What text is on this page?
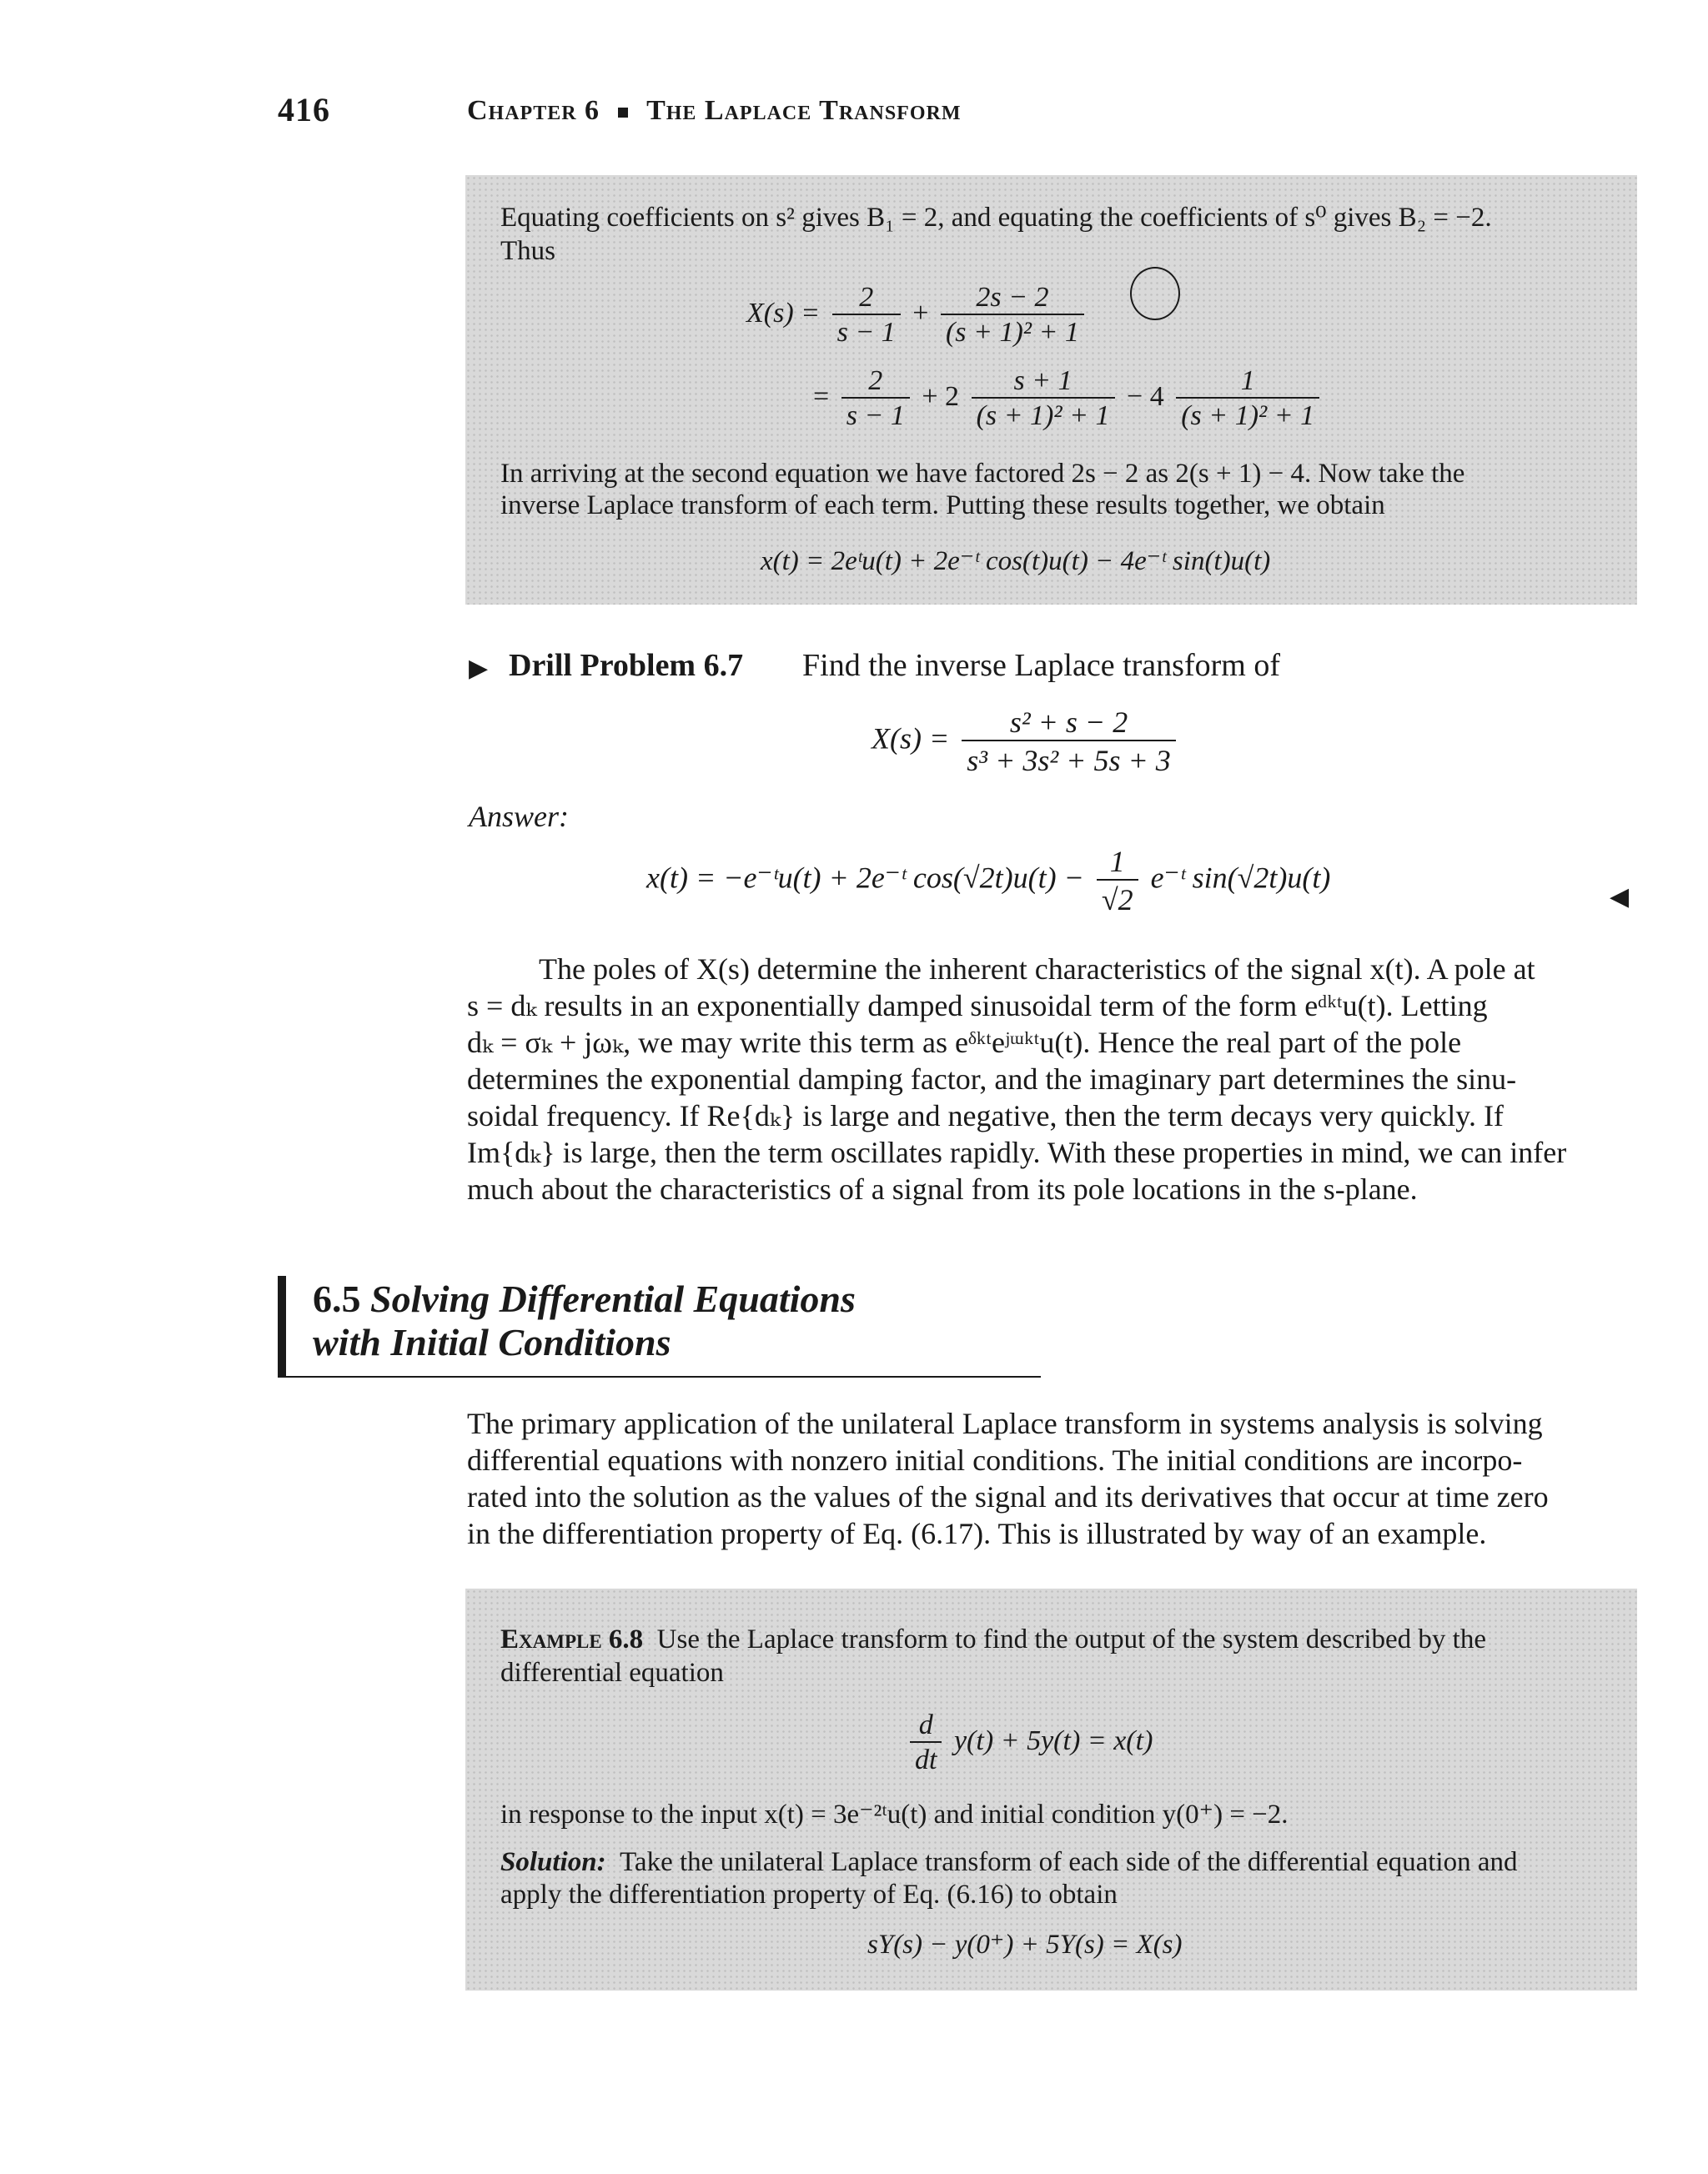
416	Chapter 6 The Laplace Transform
Equating coefficients on s² gives B₁ = 2, and equating the coefficients of s⁰ gives B₂ = −2.
Thus
$X(s) = \frac{2}{s - 1} + \frac{2s - 2}{\text{(s + 1)² + 1}}$
= $\frac{2}{s - 1} + 2 \frac{s + 1}{\text{(s + 1)² + 1}} - 4 \frac{1}{\text{(s + 1)² + 1}}$
In arriving at the second equation we have factored 2s − 2 as 2(s + 1) − 4. Now take the
inverse Laplace transform of each term. Putting these results together, we obtain
x(t) = 2eᵗu(t) + 2e⁻ᵗ cos(t)u(t) − 4e⁻ᵗ sin(t)u(t)
▶ Drill Problem 6.7 Find the inverse Laplace transform of
$X(s) = \frac{\text{s² + s − 2}}{\text{s³ + 3s² + 5s + 3}}$
Answer:
x(t) = −e⁻ᵗu(t) + 2e⁻ᵗ $\cos(√2t)u(t) - \frac{1}{√2}$ e⁻ᵗ sin(√2t)u(t)
◀
The poles of X(s) determine the inherent characteristics of the signal x(t). A pole at
s = dₖ results in an exponentially damped sinusoidal term of the form eᵈᵏᵗu(t). Letting
dₖ = σₖ + jωₖ, we may write this term as eᵟᵏᵗeʲᵚᵏᵗu(t). Hence the real part of the pole
determines the exponential damping factor, and the imaginary part determines the sinu-
soidal frequency. If Re{dₖ} is large and negative, then the term decays very quickly. If
Im{dₖ} is large, then the term oscillates rapidly. With these properties in mind, we can infer
much about the characteristics of a signal from its pole locations in the s-plane.
6.5 Solving Differential Equations
with Initial Conditions
The primary application of the unilateral Laplace transform in systems analysis is solving
differential equations with nonzero initial conditions. The initial conditions are incorpo-
rated into the solution as the values of the signal and its derivatives that occur at time zero
in the differentiation property of Eq. (6.17). This is illustrated by way of an example.
Example 6.8 Use the Laplace transform to find the output of the system described by the
differential equation
$\frac{d}{dt} y(t) + 5y(t) = x(t)$
in response to the input x(t) = 3e⁻²ᵗu(t) and initial condition y(0⁺) = −2.
Solution: Take the unilateral Laplace transform of each side of the differential equation and
apply the differentiation property of Eq. (6.16) to obtain
sY(s) − y(0⁺) + 5Y(s) = X(s)
